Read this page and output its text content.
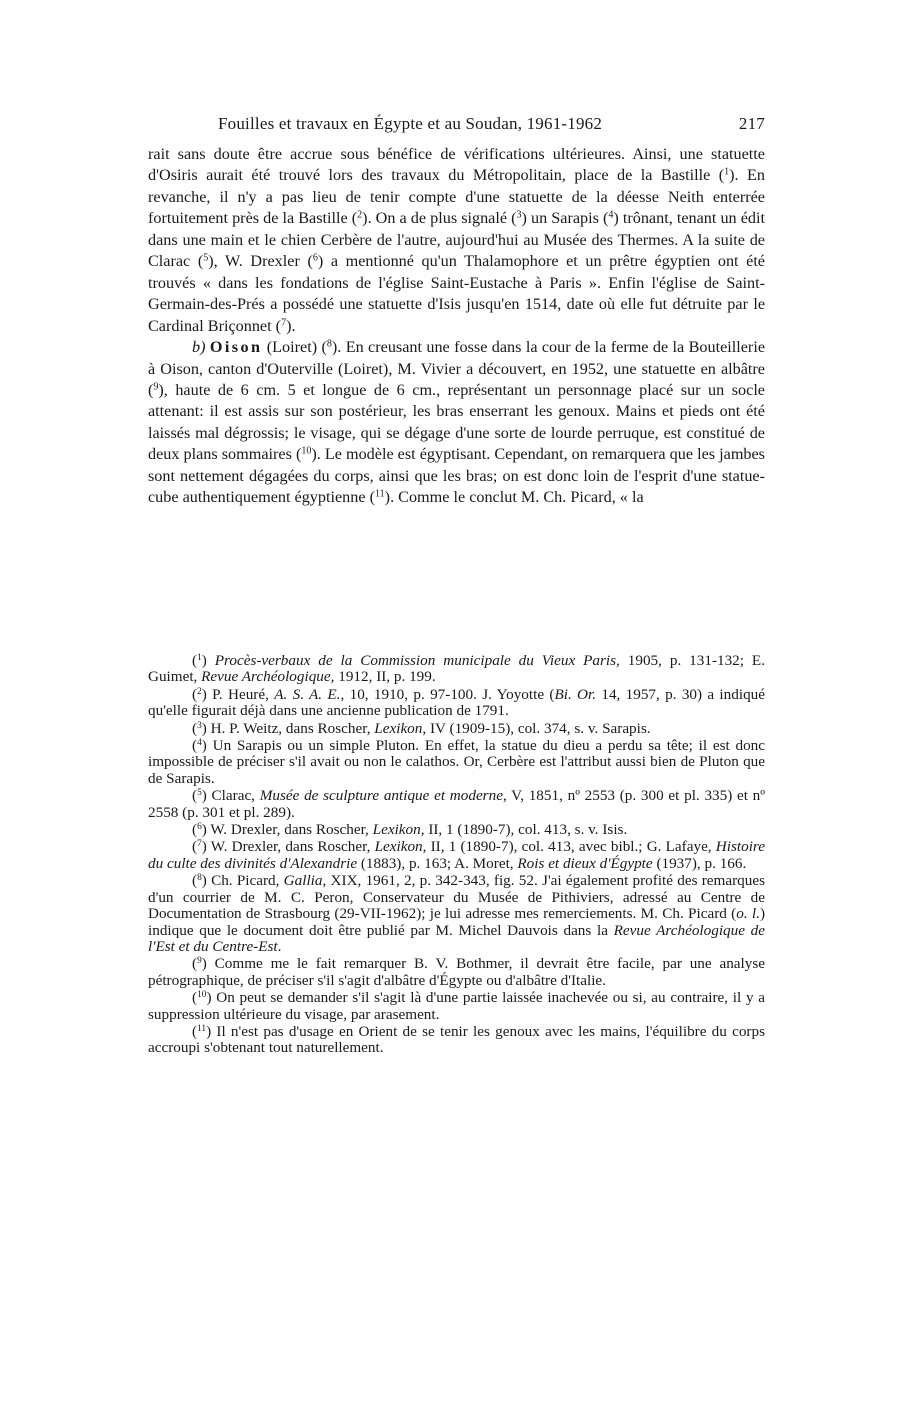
Fouilles et travaux en Égypte et au Soudan, 1961-1962	217

rait sans doute être accrue sous bénéfice de vérifications ultérieures. Ainsi, une statuette d'Osiris aurait été trouvé lors des travaux du Métropolitain, place de la Bastille ($^1$). En revanche, il n'y a pas lieu de tenir compte d'une statuette de la déesse Neith enterrée fortuitement près de la Bastille ($^2$). On a de plus signalé ($^3$) un Sarapis ($^4$) trônant, tenant un édit dans une main et le chien Cerbère de l'autre, aujourd'hui au Musée des Thermes. A la suite de Clarac ($^5$), W. Drexler ($^6$) a mentionné qu'un Thalamophore et un prêtre égyptien ont été trouvés « dans les fondations de l'église Saint-Eustache à Paris ». Enfin l'église de Saint-Germain-des-Prés a possédé une statuette d'Isis jusqu'en 1514, date où elle fut détruite par le Cardinal Briçonnet ($^7$).

b) Oison (Loiret) ($^8$). En creusant une fosse dans la cour de la ferme de la Bouteillerie à Oison, canton d'Outerville (Loiret), M. Vivier a découvert, en 1952, une statuette en albâtre ($^9$), haute de 6 cm. 5 et longue de 6 cm., représentant un personnage placé sur un socle attenant: il est assis sur son postérieur, les bras enserrant les genoux. Mains et pieds ont été laissés mal dégrossis; le visage, qui se dégage d'une sorte de lourde perruque, est constitué de deux plans sommaires ($^{10}$). Le modèle est égyptisant. Cependant, on remarquera que les jambes sont nettement dégagées du corps, ainsi que les bras; on est donc loin de l'esprit d'une statue-cube authentiquement égyptienne ($^{11}$). Comme le conclut M. Ch. Picard, « la

($^1$) Procès-verbaux de la Commission municipale du Vieux Paris, 1905, p. 131-132; E. Guimet, Revue Archéologique, 1912, II, p. 199.

($^2$) P. Heuré, A. S. A. E., 10, 1910, p. 97-100. J. Yoyotte (Bi. Or. 14, 1957, p. 30) a indiqué qu'elle figurait déjà dans une ancienne publication de 1791.

($^3$) H. P. Weitz, dans Roscher, Lexikon, IV (1909-15), col. 374, s. v. Sarapis.

($^4$) Un Sarapis ou un simple Pluton. En effet, la statue du dieu a perdu sa tête; il est donc impossible de préciser s'il avait ou non le calathos. Or, Cerbère est l'attribut aussi bien de Pluton que de Sarapis.

($^5$) Clarac, Musée de sculpture antique et moderne, V, 1851, nº 2553 (p. 300 et pl. 335) et nº 2558 (p. 301 et pl. 289).

($^6$) W. Drexler, dans Roscher, Lexikon, II, 1 (1890-7), col. 413, s. v. Isis.

($^7$) W. Drexler, dans Roscher, Lexikon, II, 1 (1890-7), col. 413, avec bibl.; G. Lafaye, Histoire du culte des divinités d'Alexandrie (1883), p. 163; A. Moret, Rois et dieux d'Égypte (1937), p. 166.

($^8$) Ch. Picard, Gallia, XIX, 1961, 2, p. 342-343, fig. 52. J'ai également profité des remarques d'un courrier de M. C. Peron, Conservateur du Musée de Pithiviers, adressé au Centre de Documentation de Strasbourg (29-VII-1962); je lui adresse mes remerciements. M. Ch. Picard (o. l.) indique que le document doit être publié par M. Michel Dauvois dans la Revue Archéologique de l'Est et du Centre-Est.

($^9$) Comme me le fait remarquer B. V. Bothmer, il devrait être facile, par une analyse pétrographique, de préciser s'il s'agit d'albâtre d'Égypte ou d'albâtre d'Italie.

($^{10}$) On peut se demander s'il s'agit là d'une partie laissée inachevée ou si, au contraire, il y a suppression ultérieure du visage, par arasement.

($^{11}$) Il n'est pas d'usage en Orient de se tenir les genoux avec les mains, l'équilibre du corps accroupi s'obtenant tout naturellement.
